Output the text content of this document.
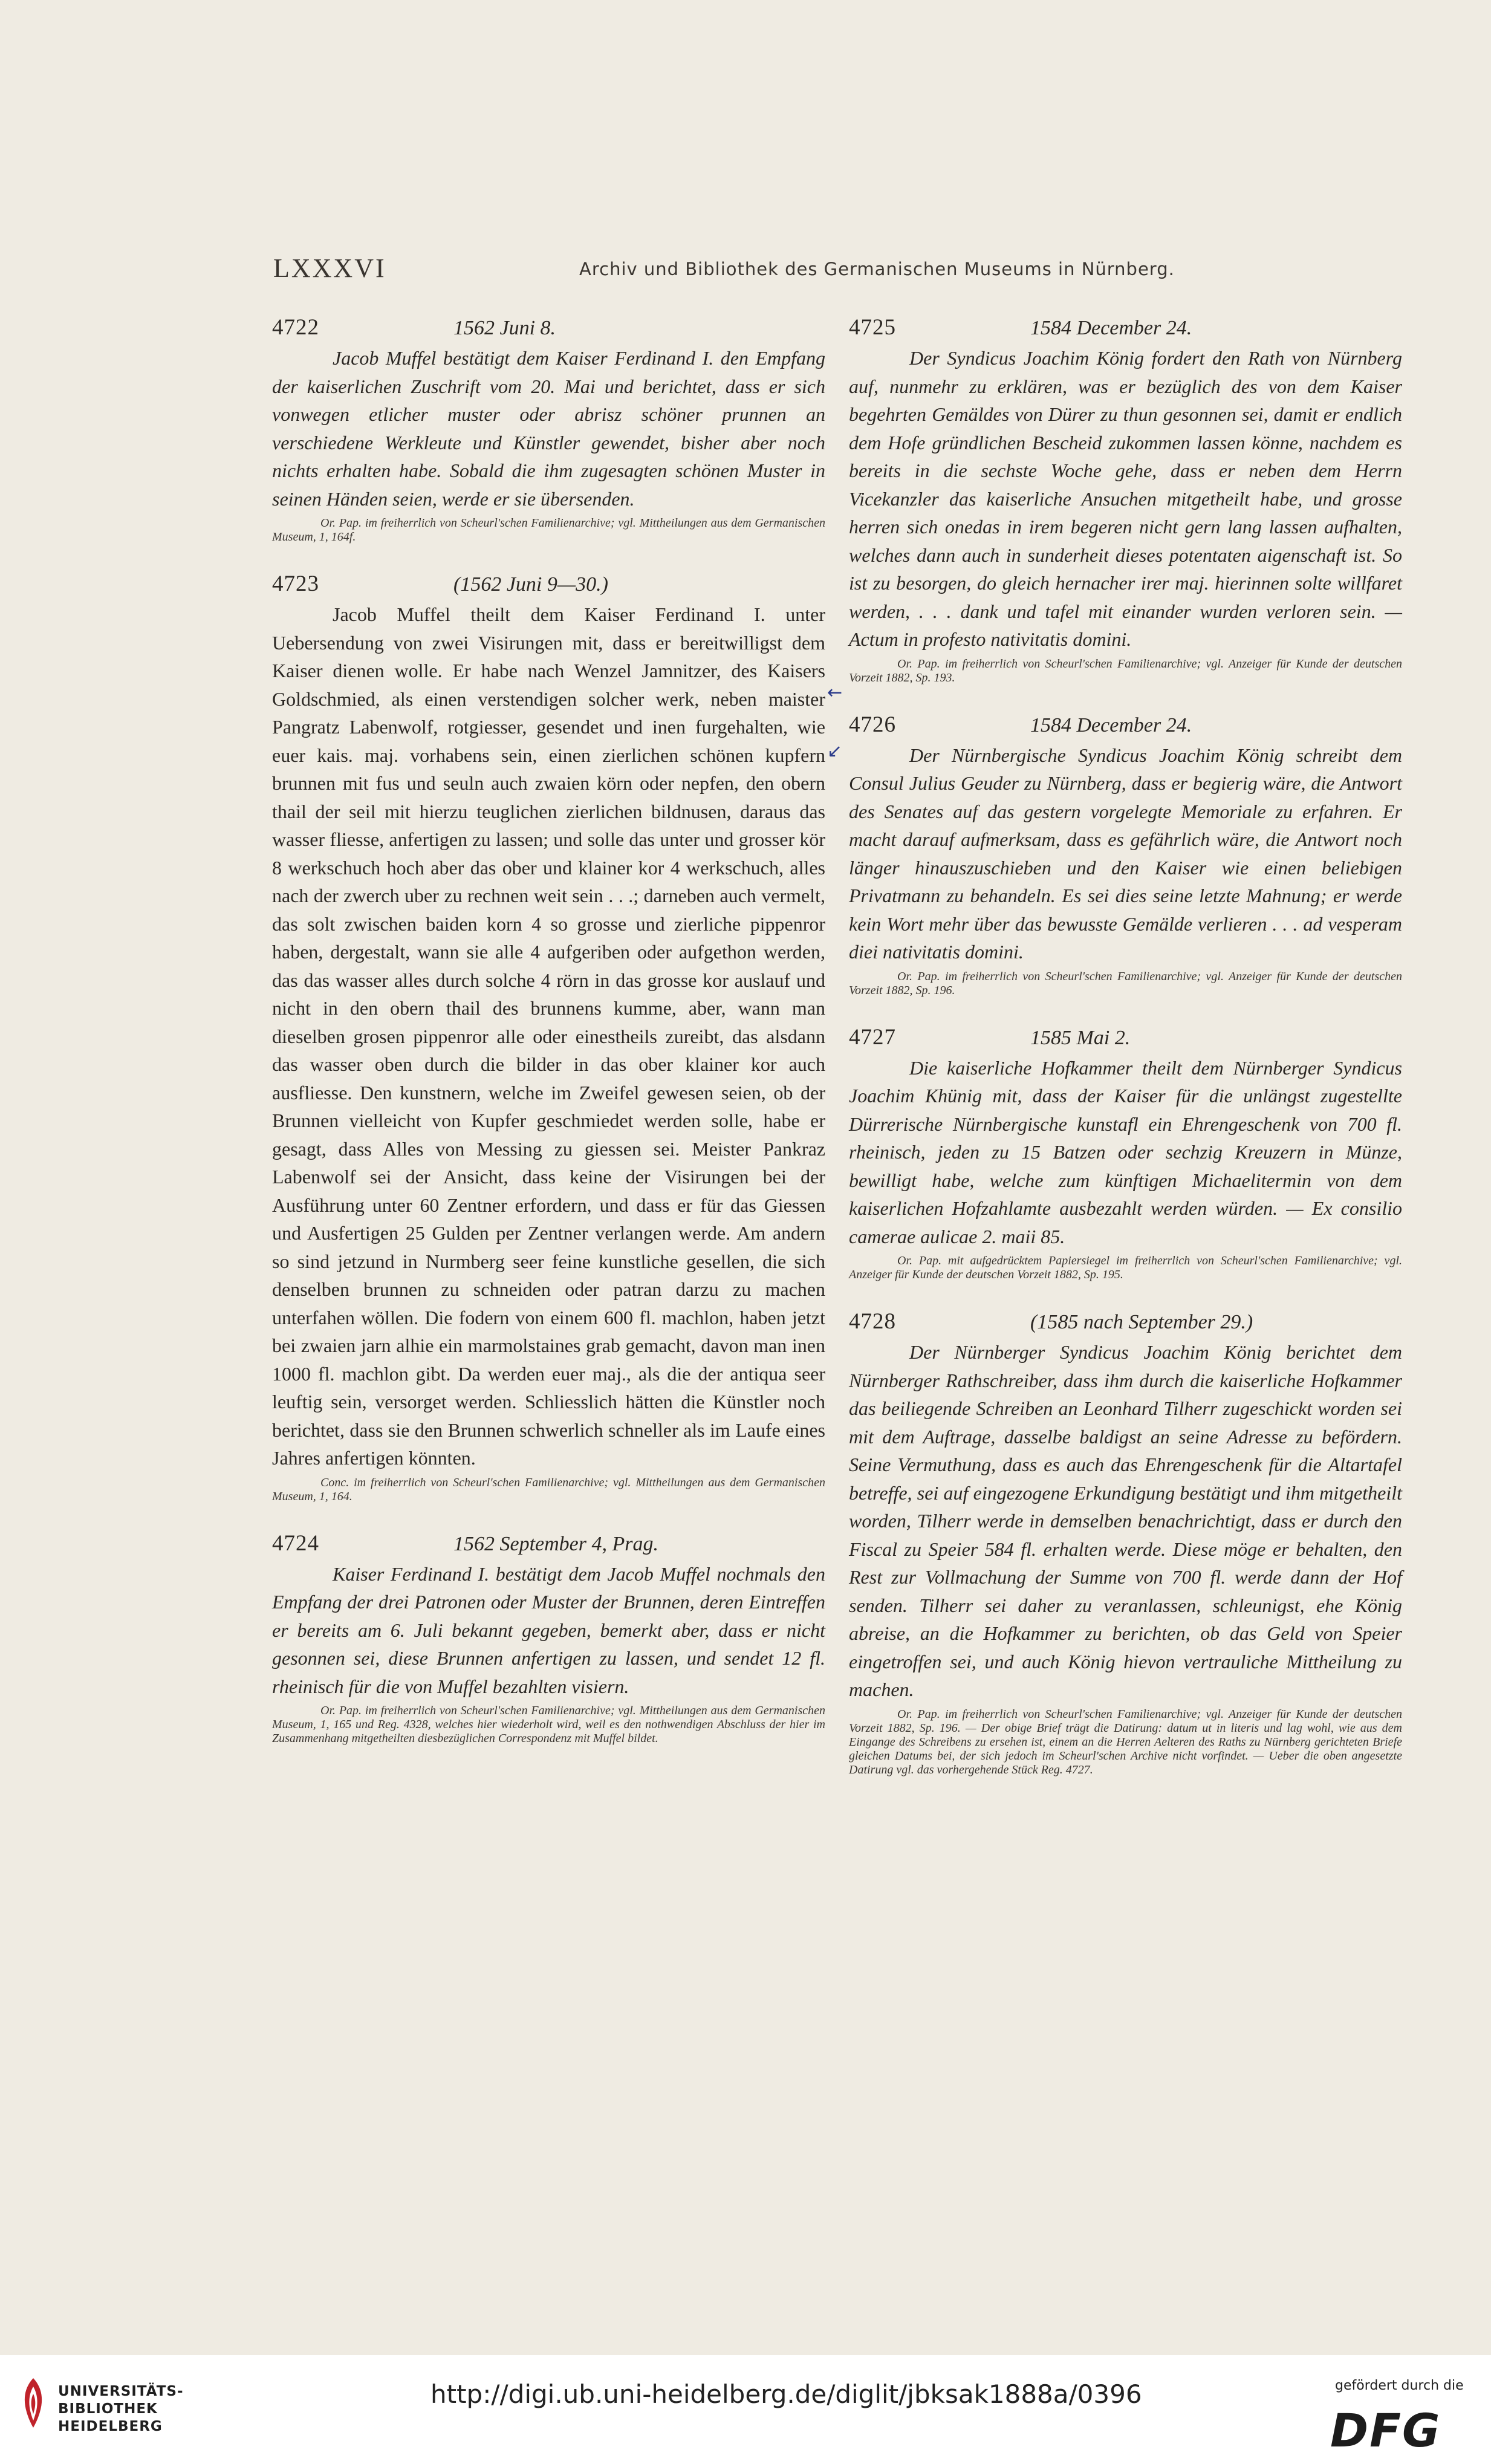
LXXXVI	Archiv und Bibliothek des Germanischen Museums in Nürnberg.
4722	1562 Juni 8.

Jacob Muffel bestätigt dem Kaiser Ferdinand I. den Empfang der kaiserlichen Zuschrift vom 20. Mai und berichtet, dass er sich vonwegen etlicher muster oder abrisz schöner prunnen an verschiedene Werkleute und Künstler gewendet, bisher aber noch nichts erhalten habe. Sobald die ihm zugesagten schönen Muster in seinen Händen seien, werde er sie übersenden.

Or. Pap. im freiherrlich von Scheurl'schen Familienarchive; vgl. Mittheilungen aus dem Germanischen Museum, 1, 164f.

4723	(1562 Juni 9—30.)

Jacob Muffel theilt dem Kaiser Ferdinand I. unter Uebersendung von zwei Visirungen mit, dass er bereitwilligst dem Kaiser dienen wolle. Er habe nach Wenzel Jamnitzer, des Kaisers Goldschmied, als einen verstendigen solcher werk, neben maister Pangratz Labenwolf, rotgiesser, gesendet und inen furgehalten, wie euer kais. maj. vorhabens sein, einen zierlichen schönen kupfern brunnen mit fus und seuln auch zwaien körn oder nepfen, den obern thail der seil mit hierzu teuglichen zierlichen bildnusen, daraus das wasser fliesse, anfertigen zu lassen; und solle das unter und grosser kör 8 werkschuch hoch aber das ober und klainer kor 4 werkschuch, alles nach der zwerch uber zu rechnen weit sein . . .; darneben auch vermelt, das solt zwischen baiden korn 4 so grosse und zierliche pippenror haben, dergestalt, wann sie alle 4 aufgeriben oder aufgethon werden, das das wasser alles durch solche 4 rörn in das grosse kor auslauf und nicht in den obern thail des brunnens kumme, aber, wann man dieselben grosen pippenror alle oder einestheils zureibt, das alsdann das wasser oben durch die bilder in das ober klainer kor auch ausfliesse. Den kunstnern, welche im Zweifel gewesen seien, ob der Brunnen vielleicht von Kupfer geschmiedet werden solle, habe er gesagt, dass Alles von Messing zu giessen sei. Meister Pankraz Labenwolf sei der Ansicht, dass keine der Visirungen bei der Ausführung unter 60 Zentner erfordern, und dass er für das Giessen und Ausfertigen 25 Gulden per Zentner verlangen werde. Am andern so sind jetzund in Nurmberg seer feine kunstliche gesellen, die sich denselben brunnen zu schneiden oder patran darzu zu machen unterfahen wöllen. Die fodern von einem 600 fl. machlon, haben jetzt bei zwaien jarn alhie ein marmolstaines grab gemacht, davon man inen 1000 fl. machlon gibt. Da werden euer maj., als die der antiqua seer leuftig sein, versorget werden. Schliesslich hätten die Künstler noch berichtet, dass sie den Brunnen schwerlich schneller als im Laufe eines Jahres anfertigen könnten.

Conc. im freiherrlich von Scheurl'schen Familienarchive; vgl. Mittheilungen aus dem Germanischen Museum, 1, 164.

4724	1562 September 4, Prag.

Kaiser Ferdinand I. bestätigt dem Jacob Muffel nochmals den Empfang der drei Patronen oder Muster der Brunnen, deren Eintreffen er bereits am 6. Juli bekannt gegeben, bemerkt aber, dass er nicht gesonnen sei, diese Brunnen anfertigen zu lassen, und sendet 12 fl. rheinisch für die von Muffel bezahlten visiern.

Or. Pap. im freiherrlich von Scheurl'schen Familienarchive; vgl. Mittheilungen aus dem Germanischen Museum, 1, 165 und Reg. 4328, welches hier wiederholt wird, weil es den nothwendigen Abschluss der hier im Zusammenhang mitgetheilten diesbezüglichen Correspondenz mit Muffel bildet.

4725	1584 December 24.

Der Syndicus Joachim König fordert den Rath von Nürnberg auf, nunmehr zu erklären, was er bezüglich des von dem Kaiser begehrten Gemäldes von Dürer zu thun gesonnen sei, damit er endlich dem Hofe gründlichen Bescheid zukommen lassen könne, nachdem es bereits in die sechste Woche gehe, dass er neben dem Herrn Vicekanzler das kaiserliche Ansuchen mitgetheilt habe, und grosse herren sich onedas in irem begeren nicht gern lang lassen aufhalten, welches dann auch in sunderheit dieses potentaten aigenschaft ist. So ist zu besorgen, do gleich hernacher irer maj. hierinnen solte willfaret werden, . . . dank und tafel mit einander wurden verloren sein. — Actum in profesto nativitatis domini.

Or. Pap. im freiherrlich von Scheurl'schen Familienarchive; vgl. Anzeiger für Kunde der deutschen Vorzeit 1882, Sp. 193.

4726	1584 December 24.

Der Nürnbergische Syndicus Joachim König schreibt dem Consul Julius Geuder zu Nürnberg, dass er begierig wäre, die Antwort des Senates auf das gestern vorgelegte Memoriale zu erfahren. Er macht darauf aufmerksam, dass es gefährlich wäre, die Antwort noch länger hinauszuschieben und den Kaiser wie einen beliebigen Privatmann zu behandeln. Es sei dies seine letzte Mahnung; er werde kein Wort mehr über das bewusste Gemälde verlieren . . . ad vesperam diei nativitatis domini.

Or. Pap. im freiherrlich von Scheurl'schen Familienarchive; vgl. Anzeiger für Kunde der deutschen Vorzeit 1882, Sp. 196.

4727	1585 Mai 2.

Die kaiserliche Hofkammer theilt dem Nürnberger Syndicus Joachim Khünig mit, dass der Kaiser für die unlängst zugestellte Dürrerische Nürnbergische kunstafl ein Ehrengeschenk von 700 fl. rheinisch, jeden zu 15 Batzen oder sechzig Kreuzern in Münze, bewilligt habe, welche zum künftigen Michaelitermin von dem kaiserlichen Hofzahlamte ausbezahlt werden würden. — Ex consilio camerae aulicae 2. maii 85.

Or. Pap. mit aufgedrücktem Papiersiegel im freiherrlich von Scheurl'schen Familienarchive; vgl. Anzeiger für Kunde der deutschen Vorzeit 1882, Sp. 195.

4728	(1585 nach September 29.)

Der Nürnberger Syndicus Joachim König berichtet dem Nürnberger Rathschreiber, dass ihm durch die kaiserliche Hofkammer das beiliegende Schreiben an Leonhard Tilherr zugeschickt worden sei mit dem Auftrage, dasselbe baldigst an seine Adresse zu befördern. Seine Vermuthung, dass es auch das Ehrengeschenk für die Altartafel betreffe, sei auf eingezogene Erkundigung bestätigt und ihm mitgetheilt worden, Tilherr werde in demselben benachrichtigt, dass er durch den Fiscal zu Speier 584 fl. erhalten werde. Diese möge er behalten, den Rest zur Vollmachung der Summe von 700 fl. werde dann der Hof senden. Tilherr sei daher zu veranlassen, schleunigst, ehe König abreise, an die Hofkammer zu berichten, ob das Geld von Speier eingetroffen sei, und auch König hievon vertrauliche Mittheilung zu machen.

Or. Pap. im freiherrlich von Scheurl'schen Familienarchive; vgl. Anzeiger für Kunde der deutschen Vorzeit 1882, Sp. 196. — Der obige Brief trägt die Datirung: datum ut in literis und lag wohl, wie aus dem Eingange des Schreibens zu ersehen ist, einem an die Herren Aelteren des Raths zu Nürnberg gerichteten Briefe gleichen Datums bei, der sich jedoch im Scheurl'schen Archive nicht vorfindet. — Ueber die oben angesetzte Datirung vgl. das vorhergehende Stück Reg. 4727.

←
↙
UNIVERSITÄTS-
BIBLIOTHEK
HEIDELBERG
http://digi.ub.uni-heidelberg.de/diglit/jbksak1888a/0396	gefördert durch die
DFG
